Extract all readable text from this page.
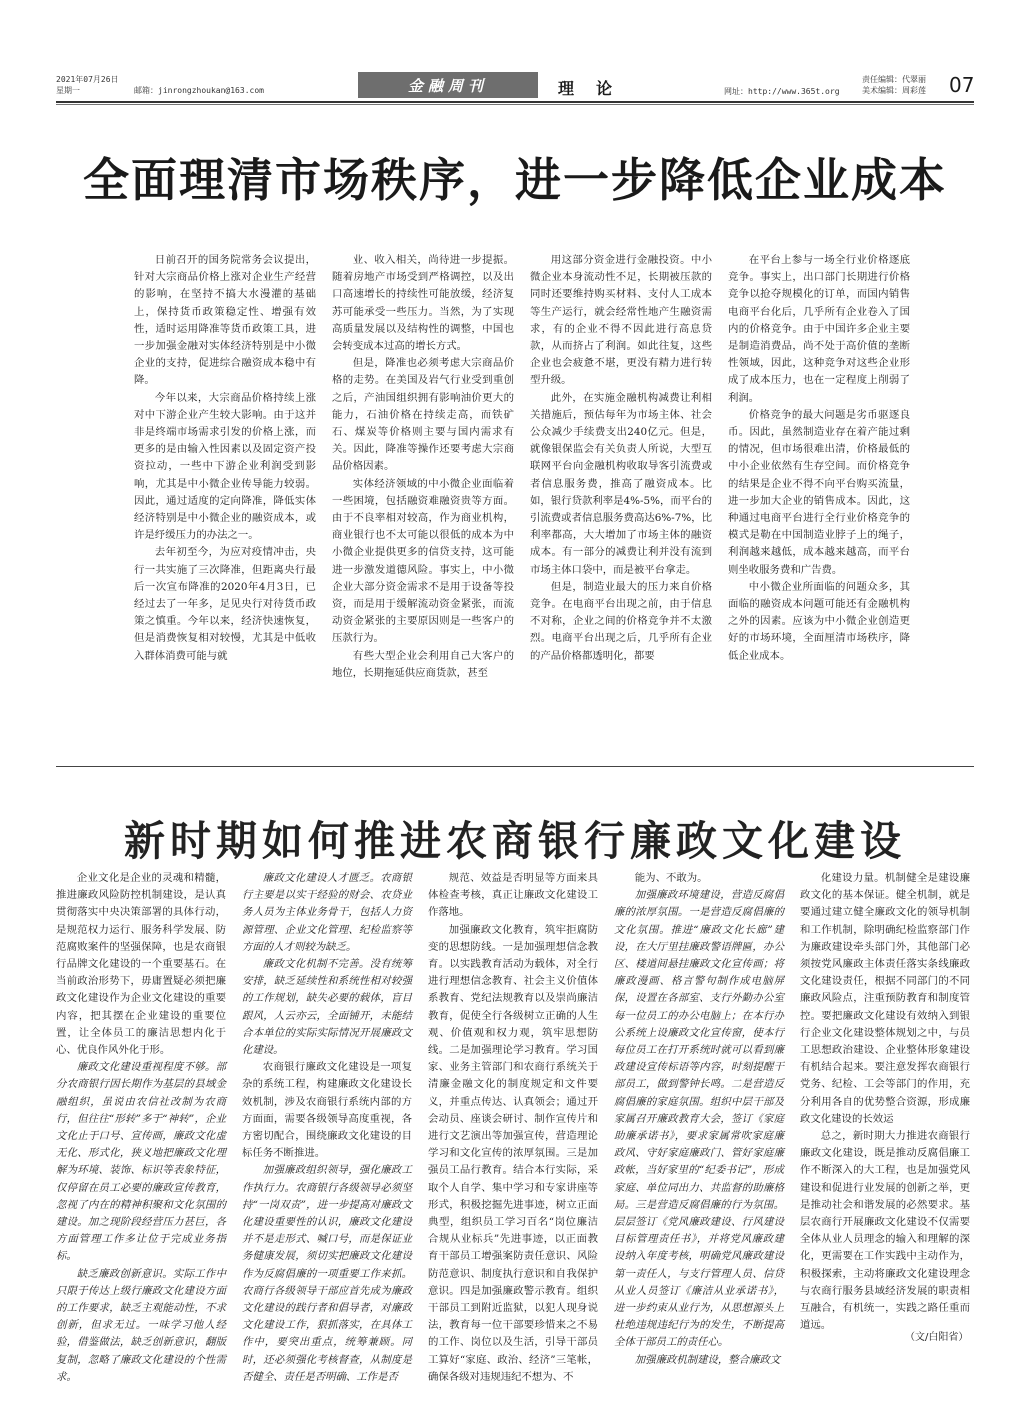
2021年07月26日
星期一	邮箱：jinrongzhoukan@163.com	金融周刊	理论	网址：http://www.365t.org
责任编辑：代翠丽
美术编辑：周彩莲 07
全面理清市场秩序，进一步降低企业成本

日前召开的国务院常务会议提出，针对大宗商品价格上涨对企业生产经营的影响，在坚持不搞大水漫灌的基础上，保持货币政策稳定性、增强有效性，适时运用降准等货币政策工具，进一步加强金融对实体经济特别是中小微企业的支持，促进综合融资成本稳中有降。

今年以来，大宗商品价格持续上涨对中下游企业产生较大影响。由于这并非是终端市场需求引发的价格上涨，而更多的是由输入性因素以及固定资产投资拉动，一些中下游企业利润受到影响，尤其是中小微企业传导能力较弱。因此，通过适度的定向降准，降低实体经济特别是中小微企业的融资成本，或许是纾缓压力的办法之一。

去年初至今，为应对疫情冲击，央行一共实施了三次降准，但距离央行最后一次宣布降准的2020年4月3日，已经过去了一年多，足见央行对待货币政策之慎重。今年以来，经济快速恢复，但是消费恢复相对较慢，尤其是中低收入群体消费可能与就

业、收入相关，尚待进一步提振。随着房地产市场受到严格调控，以及出口高速增长的持续性可能放缓，经济复苏可能承受一些压力。当然，为了实现高质量发展以及结构性的调整，中国也会转变成本过高的增长方式。

但是，降准也必须考虑大宗商品价格的走势。在美国及岩气行业受到重创之后，产油国组织拥有影响油价更大的能力，石油价格在持续走高，而铁矿石、煤炭等价格则主要与国内需求有关。因此，降准等操作还要考虑大宗商品价格因素。

实体经济领域的中小微企业面临着一些困境，包括融资难融资贵等方面。由于不良率相对较高，作为商业机构，商业银行也不太可能以很低的成本为中小微企业提供更多的信贷支持，这可能进一步激发道德风险。事实上，中小微企业大部分资金需求不是用于设备等投资，而是用于缓解流动资金紧张，而流动资金紧张的主要原因则是一些客户的压款行为。

有些大型企业会利用自己大客户的地位，长期拖延供应商货款，甚至

用这部分资金进行金融投资。中小微企业本身流动性不足，长期被压款的同时还要维持购买材料、支付人工成本等生产运行，就会经常性地产生融资需求，有的企业不得不因此进行高息贷款，从而挤占了利润。如此往复，这些企业也会疲惫不堪，更没有精力进行转型升级。

此外，在实施金融机构减费让利相关措施后，预估每年为市场主体、社会公众减少手续费支出240亿元。但是，就像银保监会有关负责人所说，大型互联网平台向金融机构收取导客引流费或者信息服务费，推高了融资成本。比如，银行贷款利率是4%-5%，而平台的引流费或者信息服务费高达6%-7%，比利率都高，大大增加了市场主体的融资成本。有一部分的减费让利并没有流到市场主体口袋中，而是被平台拿走。

但是，制造业最大的压力来自价格竞争。在电商平台出现之前，由于信息不对称，企业之间的价格竞争并不太激烈。电商平台出现之后，几乎所有企业的产品价格都透明化，都要

在平台上参与一场全行业价格逐底竞争。事实上，出口部门长期进行价格竞争以抢夺规模化的订单，而国内销售电商平台化后，几乎所有企业卷入了国内的价格竞争。由于中国许多企业主要是制造消费品，尚不处于高价值的垄断性领域，因此，这种竞争对这些企业形成了成本压力，也在一定程度上削弱了利润。

价格竞争的最大问题是劣币驱逐良币。因此，虽然制造业存在着产能过剩的情况，但市场很难出清，价格最低的中小企业依然有生存空间。而价格竞争的结果是企业不得不向平台购买流量，进一步加大企业的销售成本。因此，这种通过电商平台进行全行业价格竞争的模式是勒在中国制造业脖子上的绳子，利润越来越低，成本越来越高，而平台则坐收服务费和广告费。

中小微企业所面临的问题众多，其面临的融资成本问题可能还有金融机构之外的因素。应该为中小微企业创造更好的市场环境，全面厘清市场秩序，降低企业成本。

新时期如何推进农商银行廉政文化建设

企业文化是企业的灵魂和精髓，推进廉政风险防控机制建设，是认真贯彻落实中央决策部署的具体行动，是规范权力运行、服务科学发展、防范腐败案件的坚强保障，也是农商银行品牌文化建设的一个重要基石。在当前政治形势下，毋庸置疑必须把廉政文化建设作为企业文化建设的重要内容，把其摆在企业建设的重要位置，让全体员工的廉洁思想内化于心、优良作风外化于形。

廉政文化建设重视程度不够。部分农商银行因长期作为基层的县域金融组织，虽说由农信社改制为农商行，但往往“形转”多于“神转”，企业文化止于口号、宣传画，廉政文化虚无化、形式化，狭义地把廉政文化理解为环境、装饰、标识等表象特征，仅停留在员工必要的廉政宣传教育，忽视了内在的精神积聚和文化氛围的建设。加之现阶段经营压力甚巨，各方面管理工作多让位于完成业务指标。

缺乏廉政创新意识。实际工作中只限于传达上级行廉政文化建设方面的工作要求，缺乏主观能动性，不求创新，但求无过。一味学习他人经验，借鉴做法，缺乏创新意识，翻版复制，忽略了廉政文化建设的个性需求。

廉政文化建设人才匮乏。农商银行主要是以实干经验的财会、农贷业务人员为主体业务骨干，包括人力资源管理、企业文化管理、纪检监察等方面的人才则较为缺乏。

廉政文化机制不完善。没有统筹安排，缺乏延续性和系统性相对较强的工作规划，缺失必要的载体，盲目跟风，人云亦云，全面铺开，未能结合本单位的实际实际情况开展廉政文化建设。

农商银行廉政文化建设是一项复杂的系统工程，构建廉政文化建设长效机制，涉及农商银行系统内部的方方面面，需要各级领导高度重视，各方密切配合，围绕廉政文化建设的目标任务不断推进。

加强廉政组织领导，强化廉政工作执行力。农商银行各级领导必须坚持“一岗双责”，进一步提高对廉政文化建设重要性的认识，廉政文化建设并不是走形式、喊口号，而是保证业务健康发展，须切实把廉政文化建设作为反腐倡廉的一项重要工作来抓。农商行各级领导干部应首先成为廉政文化建设的践行者和倡导者，对廉政文化建设工作，狠抓落实，在具体工作中，要突出重点，统筹兼顾。同时，还必须强化考核督查，从制度是否健全、责任是否明确、工作是否

规范、效益是否明显等方面来具体检查考核，真正让廉政文化建设工作落地。

加强廉政文化教育，筑牢拒腐防变的思想防线。一是加强理想信念教育。以实践教育活动为载体，对全行进行理想信念教育、社会主义价值体系教育、党纪法规教育以及崇尚廉洁教育，促使全行各级树立正确的人生观、价值观和权力观，筑牢思想防线。二是加强理论学习教育。学习国家、业务主管部门和农商行系统关于清廉金融文化的制度规定和文件要义，并重点传达、认真领会；通过开会动员、座谈会研讨、制作宣传片和进行文艺演出等加强宣传，营造理论学习和文化宣传的浓厚氛围。三是加强员工品行教育。结合本行实际，采取个人自学、集中学习和专家讲座等形式，积极挖掘先进事迹，树立正面典型，组织员工学习百名“岗位廉洁合规从业标兵”先进事迹，以正面教育干部员工增强案防责任意识、风险防范意识、制度执行意识和自我保护意识。四是加强廉政警示教育。组织干部员工到附近监狱，以犯人现身说法，教育每一位干部要珍惜来之不易的工作、岗位以及生活，引导干部员工算好“家庭、政治、经济”三笔帐，确保各级对违规违纪不想为、不

能为、不敢为。

加强廉政环境建设，营造反腐倡廉的浓厚氛围。一是营造反腐倡廉的文化氛围。推进“廉政文化长廊”建设，在大厅里挂廉政警语牌匾，办公区、楼道间悬挂廉政文化宣传画；将廉政漫画、格言警句制作成电脑屏保，设置在各部室、支行外勤办公室每一位员工的办公电脑上；在本行办公系统上设廉政文化宣传窗，使本行每位员工在打开系统时就可以看到廉政建设宣传标语等内容，时刻提醒干部员工，做到警钟长鸣。二是营造反腐倡廉的家庭氛围。组织中层干部及家属召开廉政教育大会，签订《家庭助廉承诺书》，要求家属常吹家庭廉政风、守好家庭廉政门、管好家庭廉政帐，当好家里的“纪委书记”，形成家庭、单位同出力、共监督的助廉格局。三是营造反腐倡廉的行为氛围。层层签订《党风廉政建设、行风建设目标管理责任书》，并将党风廉政建设纳入年度考核，明确党风廉政建设第一责任人，与支行管理人员、信贷从业人员签订《廉洁从业承诺书》，进一步约束从业行为，从思想源头上杜绝违规违纪行为的发生，不断提高全体干部员工的责任心。

加强廉政机制建设，整合廉政文

化建设力量。机制健全是建设廉政文化的基本保证。健全机制，就是要通过建立健全廉政文化的领导机制和工作机制，除明确纪检监察部门作为廉政建设牵头部门外，其他部门必须按党风廉政主体责任落实条线廉政文化建设责任，根据不同部门的不同廉政风险点，注重预防教育和制度管控。要把廉政文化建设有效纳入到银行企业文化建设整体规划之中，与员工思想政治建设、企业整体形象建设有机结合起来。要注意发挥农商银行党务、纪检、工会等部门的作用，充分利用各自的优势整合资源，形成廉政文化建设的长效运

总之，新时期大力推进农商银行廉政文化建设，既是推动反腐倡廉工作不断深入的大工程，也是加强党风建设和促进行业发展的创新之举，更是推动社会和谐发展的必然要求。基层农商行开展廉政文化建设不仅需要全体从业人员理念的输入和理解的深化，更需要在工作实践中主动作为，积极探索，主动将廉政文化建设理念与农商行服务县域经济发展的职责相互融合，有机统一，实践之路任重而道远。

（文/白阳省）
